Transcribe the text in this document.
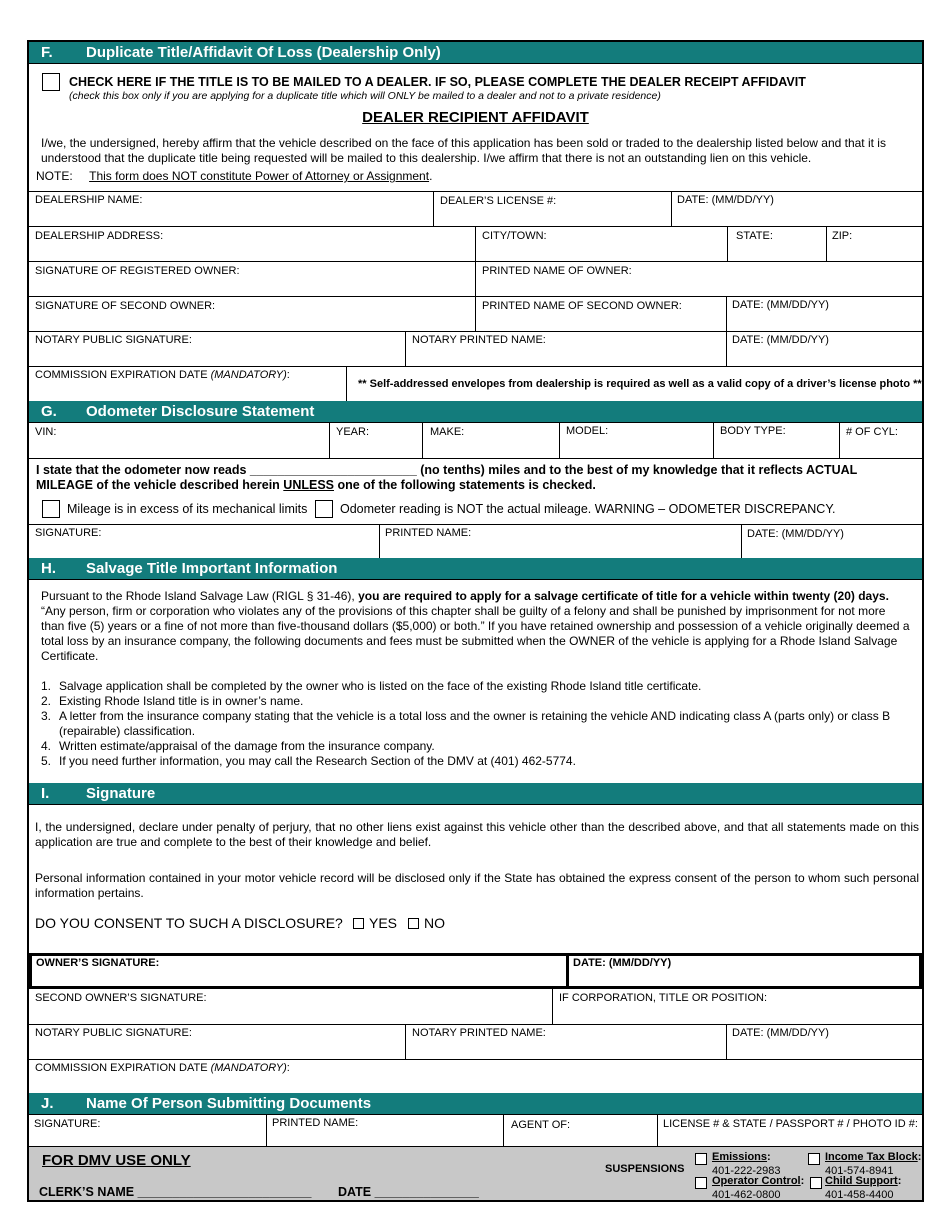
F. Duplicate Title/Affidavit Of Loss (Dealership Only)
CHECK HERE IF THE TITLE IS TO BE MAILED TO A DEALER. IF SO, PLEASE COMPLETE THE DEALER RECEIPT AFFIDAVIT
(check this box only if you are applying for a duplicate title which will ONLY be mailed to a dealer and not to a private residence)
DEALER RECIPIENT AFFIDAVIT
I/we, the undersigned, hereby affirm that the vehicle described on the face of this application has been sold or traded to the dealership listed below and that it is understood that the duplicate title being requested will be mailed to this dealership. I/we affirm that there is not an outstanding lien on this vehicle.
NOTE: This form does NOT constitute Power of Attorney or Assignment.
DEALERSHIP NAME:	DEALER’S LICENSE #:	DATE: (MM/DD/YY)
DEALERSHIP ADDRESS:	CITY/TOWN:	STATE:	ZIP:
SIGNATURE OF REGISTERED OWNER:	PRINTED NAME OF OWNER:
SIGNATURE OF SECOND OWNER:	PRINTED NAME OF SECOND OWNER:	DATE: (MM/DD/YY)
NOTARY PUBLIC SIGNATURE:	NOTARY PRINTED NAME:	DATE: (MM/DD/YY)
COMMISSION EXPIRATION DATE (MANDATORY):
** Self-addressed envelopes from dealership is required as well as a valid copy of a driver’s license photo **
G. Odometer Disclosure Statement
VIN:	YEAR:	MAKE:	MODEL:	BODY TYPE:	# OF CYL:
I state that the odometer now reads ________________________ (no tenths) miles and to the best of my knowledge that it reflects ACTUAL
MILEAGE of the vehicle described herein UNLESS one of the following statements is checked.
Mileage is in excess of its mechanical limits	Odometer reading is NOT the actual mileage. WARNING – ODOMETER DISCREPANCY.
SIGNATURE:	PRINTED NAME:	DATE: (MM/DD/YY)
H. Salvage Title Important Information
Pursuant to the Rhode Island Salvage Law (RIGL § 31-46), you are required to apply for a salvage certificate of title for a vehicle within twenty (20) days. “Any person, firm or corporation who violates any of the provisions of this chapter shall be guilty of a felony and shall be punished by imprisonment for not more than five (5) years or a fine of not more than five-thousand dollars ($5,000) or both.” If you have retained ownership and possession of a vehicle originally deemed a total loss by an insurance company, the following documents and fees must be submitted when the OWNER of the vehicle is applying for a Rhode Island Salvage Certificate.
1. Salvage application shall be completed by the owner who is listed on the face of the existing Rhode Island title certificate.
2. Existing Rhode Island title is in owner’s name.
3. A letter from the insurance company stating that the vehicle is a total loss and the owner is retaining the vehicle AND indicating class A (parts only) or class B (repairable) classification.
4. Written estimate/appraisal of the damage from the insurance company.
5. If you need further information, you may call the Research Section of the DMV at (401) 462-5774.
I. Signature
I, the undersigned, declare under penalty of perjury, that no other liens exist against this vehicle other than the described above, and that all statements made on this application are true and complete to the best of their knowledge and belief.
Personal information contained in your motor vehicle record will be disclosed only if the State has obtained the express consent of the person to whom such personal information pertains.
DO YOU CONSENT TO SUCH A DISCLOSURE? YES NO
OWNER’S SIGNATURE:	DATE: (MM/DD/YY)
SECOND OWNER’S SIGNATURE:	IF CORPORATION, TITLE OR POSITION:
NOTARY PUBLIC SIGNATURE:	NOTARY PRINTED NAME:	DATE: (MM/DD/YY)
COMMISSION EXPIRATION DATE (MANDATORY):
J. Name Of Person Submitting Documents
SIGNATURE:	PRINTED NAME:	AGENT OF:	LICENSE # & STATE / PASSPORT # / PHOTO ID #:
FOR DMV USE ONLY
CLERK’S NAME _________________________ DATE _______________
SUSPENSIONS
Emissions:
401-222-2983
Operator Control:
401-462-0800
Income Tax Block:
401-574-8941
Child Support:
401-458-4400
